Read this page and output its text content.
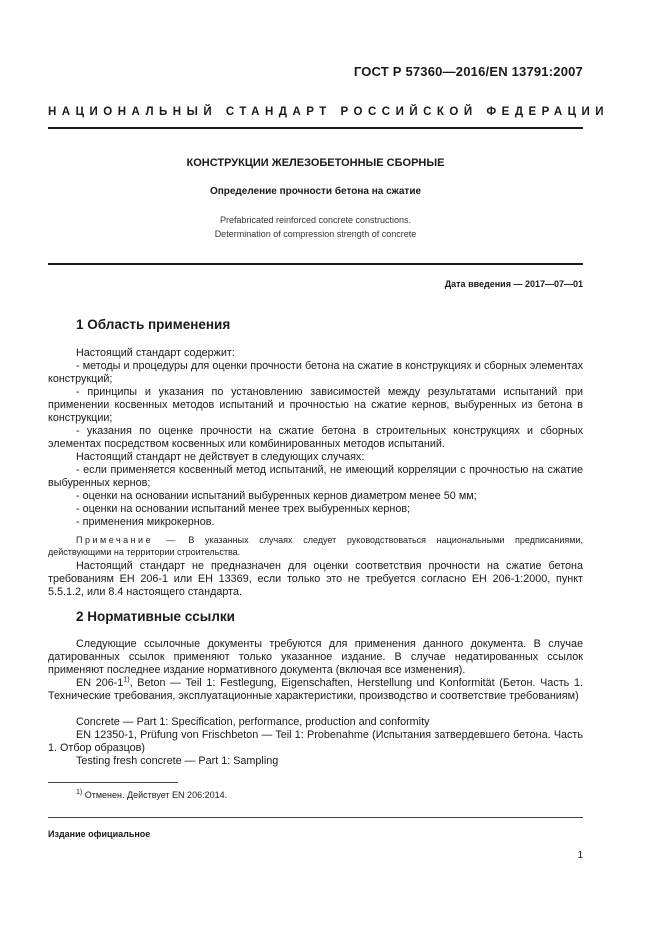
ГОСТ Р 57360—2016/EN 13791:2007
НАЦИОНАЛЬНЫЙ СТАНДАРТ РОССИЙСКОЙ ФЕДЕРАЦИИ
КОНСТРУКЦИИ ЖЕЛЕЗОБЕТОННЫЕ СБОРНЫЕ
Определение прочности бетона на сжатие
Prefabricated reinforced concrete constructions.
Determination of compression strength of concrete
Дата введения — 2017—07—01
1 Область применения
Настоящий стандарт содержит:
- методы и процедуры для оценки прочности бетона на сжатие в конструкциях и сборных элементах конструкций;
- принципы и указания по установлению зависимостей между результатами испытаний при применении косвенных методов испытаний и прочностью на сжатие кернов, выбуренных из бетона в конструкции;
- указания по оценке прочности на сжатие бетона в строительных конструкциях и сборных элементах посредством косвенных или комбинированных методов испытаний.
Настоящий стандарт не действует в следующих случаях:
- если применяется косвенный метод испытаний, не имеющий корреляции с прочностью на сжатие выбуренных кернов;
- оценки на основании испытаний выбуренных кернов диаметром менее 50 мм;
- оценки на основании испытаний менее трех выбуренных кернов;
- применения микрокернов.
Примечание — В указанных случаях следует руководствоваться национальными предписаниями, действующими на территории строительства.
Настоящий стандарт не предназначен для оценки соответствия прочности на сжатие бетона требованиям ЕН 206-1 или ЕН 13369, если только это не требуется согласно ЕН 206-1:2000, пункт 5.5.1.2, или 8.4 настоящего стандарта.
2 Нормативные ссылки
Следующие ссылочные документы требуются для применения данного документа. В случае датированных ссылок применяют только указанное издание. В случае недатированных ссылок применяют последнее издание нормативного документа (включая все изменения).
EN 206-1$^{1)}$, Beton — Teil 1: Festlegung, Eigenschaften, Herstellung und Konformität (Бетон. Часть 1. Технические требования, эксплуатационные характеристики, производство и соответствие требованиям)
Concrete — Part 1: Specification, performance, production and conformity
EN 12350-1, Prüfung von Frischbeton — Teil 1: Probenahme (Испытания затвердевшего бетона. Часть 1. Отбор образцов)
Testing fresh concrete — Part 1: Sampling
$^{1)}$ Отменен. Действует EN 206:2014.
Издание официальное
1
